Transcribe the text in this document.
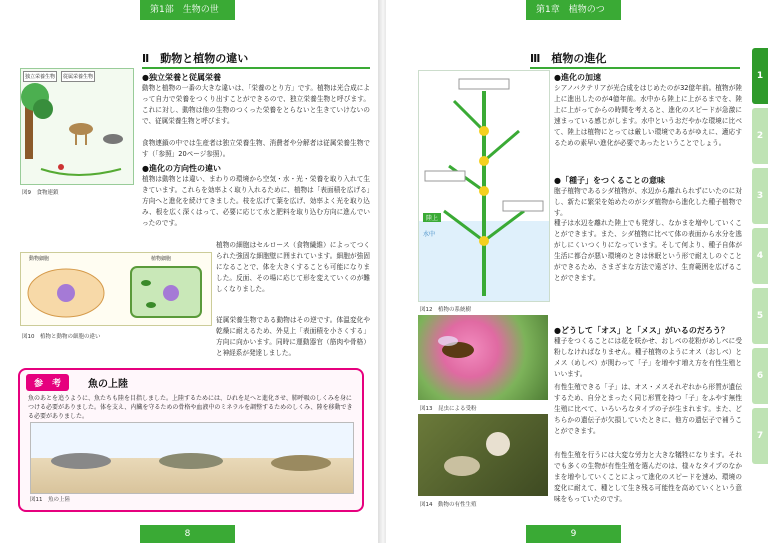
第1部　生物の世界
Ⅱ　動物と植物の違い
独立栄養生物	従属栄養生物
図9　食物連鎖
●独立栄養と従属栄養
動物と植物の一番の大きな違いは、「栄養のとり方」です。植物は光合成によって自力で栄養をつくり出すことができるので、独立栄養生物と呼びます。これに対し、動物は他の生物のつくった栄養をとらないと生きていけないので、従属栄養生物と呼びます。
食物連鎖の中では生産者は独立栄養生物、消費者や分解者は従属栄養生物です（「参照」20ページ参照）。
●進化の方向性の違い
植物は動物とは違い、まわりの環境から空気・水・光・栄養を取り入れて生きています。これらを効率よく取り入れるために、植物は「表面積を広げる」方向へと進化を続けてきました。枝を広げて葉を広げ、効率よく光を取り込み、根を広く深くはって、必要に応じて水と肥料を取り込む方向に進んでいったのです。
動物細胞	植物細胞
図10　植物と動物の細胞の違い
植物の細胞はセルロース（食物繊維）によってつくられた強固な細胞壁に囲まれています。細胞が強固になることで、体を大きくすることも可能になりました。反面、その場に応じて形を変えていくのが難しくなりました。
従属栄養生物である動物はその逆です。体温変化や乾燥に耐えるため、外見上「表面積を小さくする」方向に向かいます。同時に運動器官（筋肉や骨格）と神経系が発達しました。
参　考	魚の上陸
魚のあとを追うように、魚たちも陸を目指しました。上陸するためには、ひれを足へと進化させ、肺呼吸のしくみを身につける必要がありました。体を支え、内臓を守るための骨格や血液中のミネラルを調整するためのしくみ、陸を移動できる必要がありました。
図11　魚の上陸
8
第1章　植物のつくり
Ⅲ　植物の進化
陸上
水中
図12　植物の系統樹
図13　昆虫による受粉
図14　動物の有性生殖
●進化の加速
シアノバクテリアが光合成をはじめたのが32億年前。植物が陸上に進出したのが4億年前。水中から陸上に上がるまでを、陸上に上がってからの時間を考えると、進化のスピードが急激に速まっている感じがします。水中というおだやかな環境に比べて、陸上は植物にとっては厳しい環境であるがゆえに、適応するための素早い進化が必要であったということでしょう。
●「種子」をつくることの意味
胞子植物であるシダ植物が、水辺から離れられずにいたのに対し、新たに繁栄を始めたのがシダ植物から進化した種子植物です。
種子は水辺を離れた陸上でも発芽し、なかまを増やしていくことができます。また、シダ植物に比べて体の表面から水分を逃がしにくいつくりになっています。そして何より、種子自体が生活に都合が悪い環境のときは休眠という形で耐えしのぐことができるため、さまざまな方法で遠ざけ、生育範囲を広げることができます。
●どうして「オス」と「メス」がいるのだろう？
種子をつくることには花を咲かせ、おしべの花粉がめしべに受粉しなければなりません。種子植物のようにオス（おしべ）とメス（めしべ）が関わって「子」を増やす増え方を有性生殖といいます。
有性生殖できる「子」は、オス・メスそれぞれから形質が遺伝するため、自分とまったく同じ形質を持つ「子」をふやす無性生殖に比べて、いろいろなタイプの子が生まれます。また、どちらかの遺伝子が欠損していたときに、他方の遺伝子で補うことができます。
有性生殖を行うには大変な労力と大きな犠牲になります。それでも多くの生物が有性生殖を選んだのは、様々なタイプのなかまを増やしていくことによって進化のスピードを速め、環境の変化に耐えて、種として生き残る可能性を高めていくという意味をもっていたのです。
9
1
2
3
4
5
6
7
